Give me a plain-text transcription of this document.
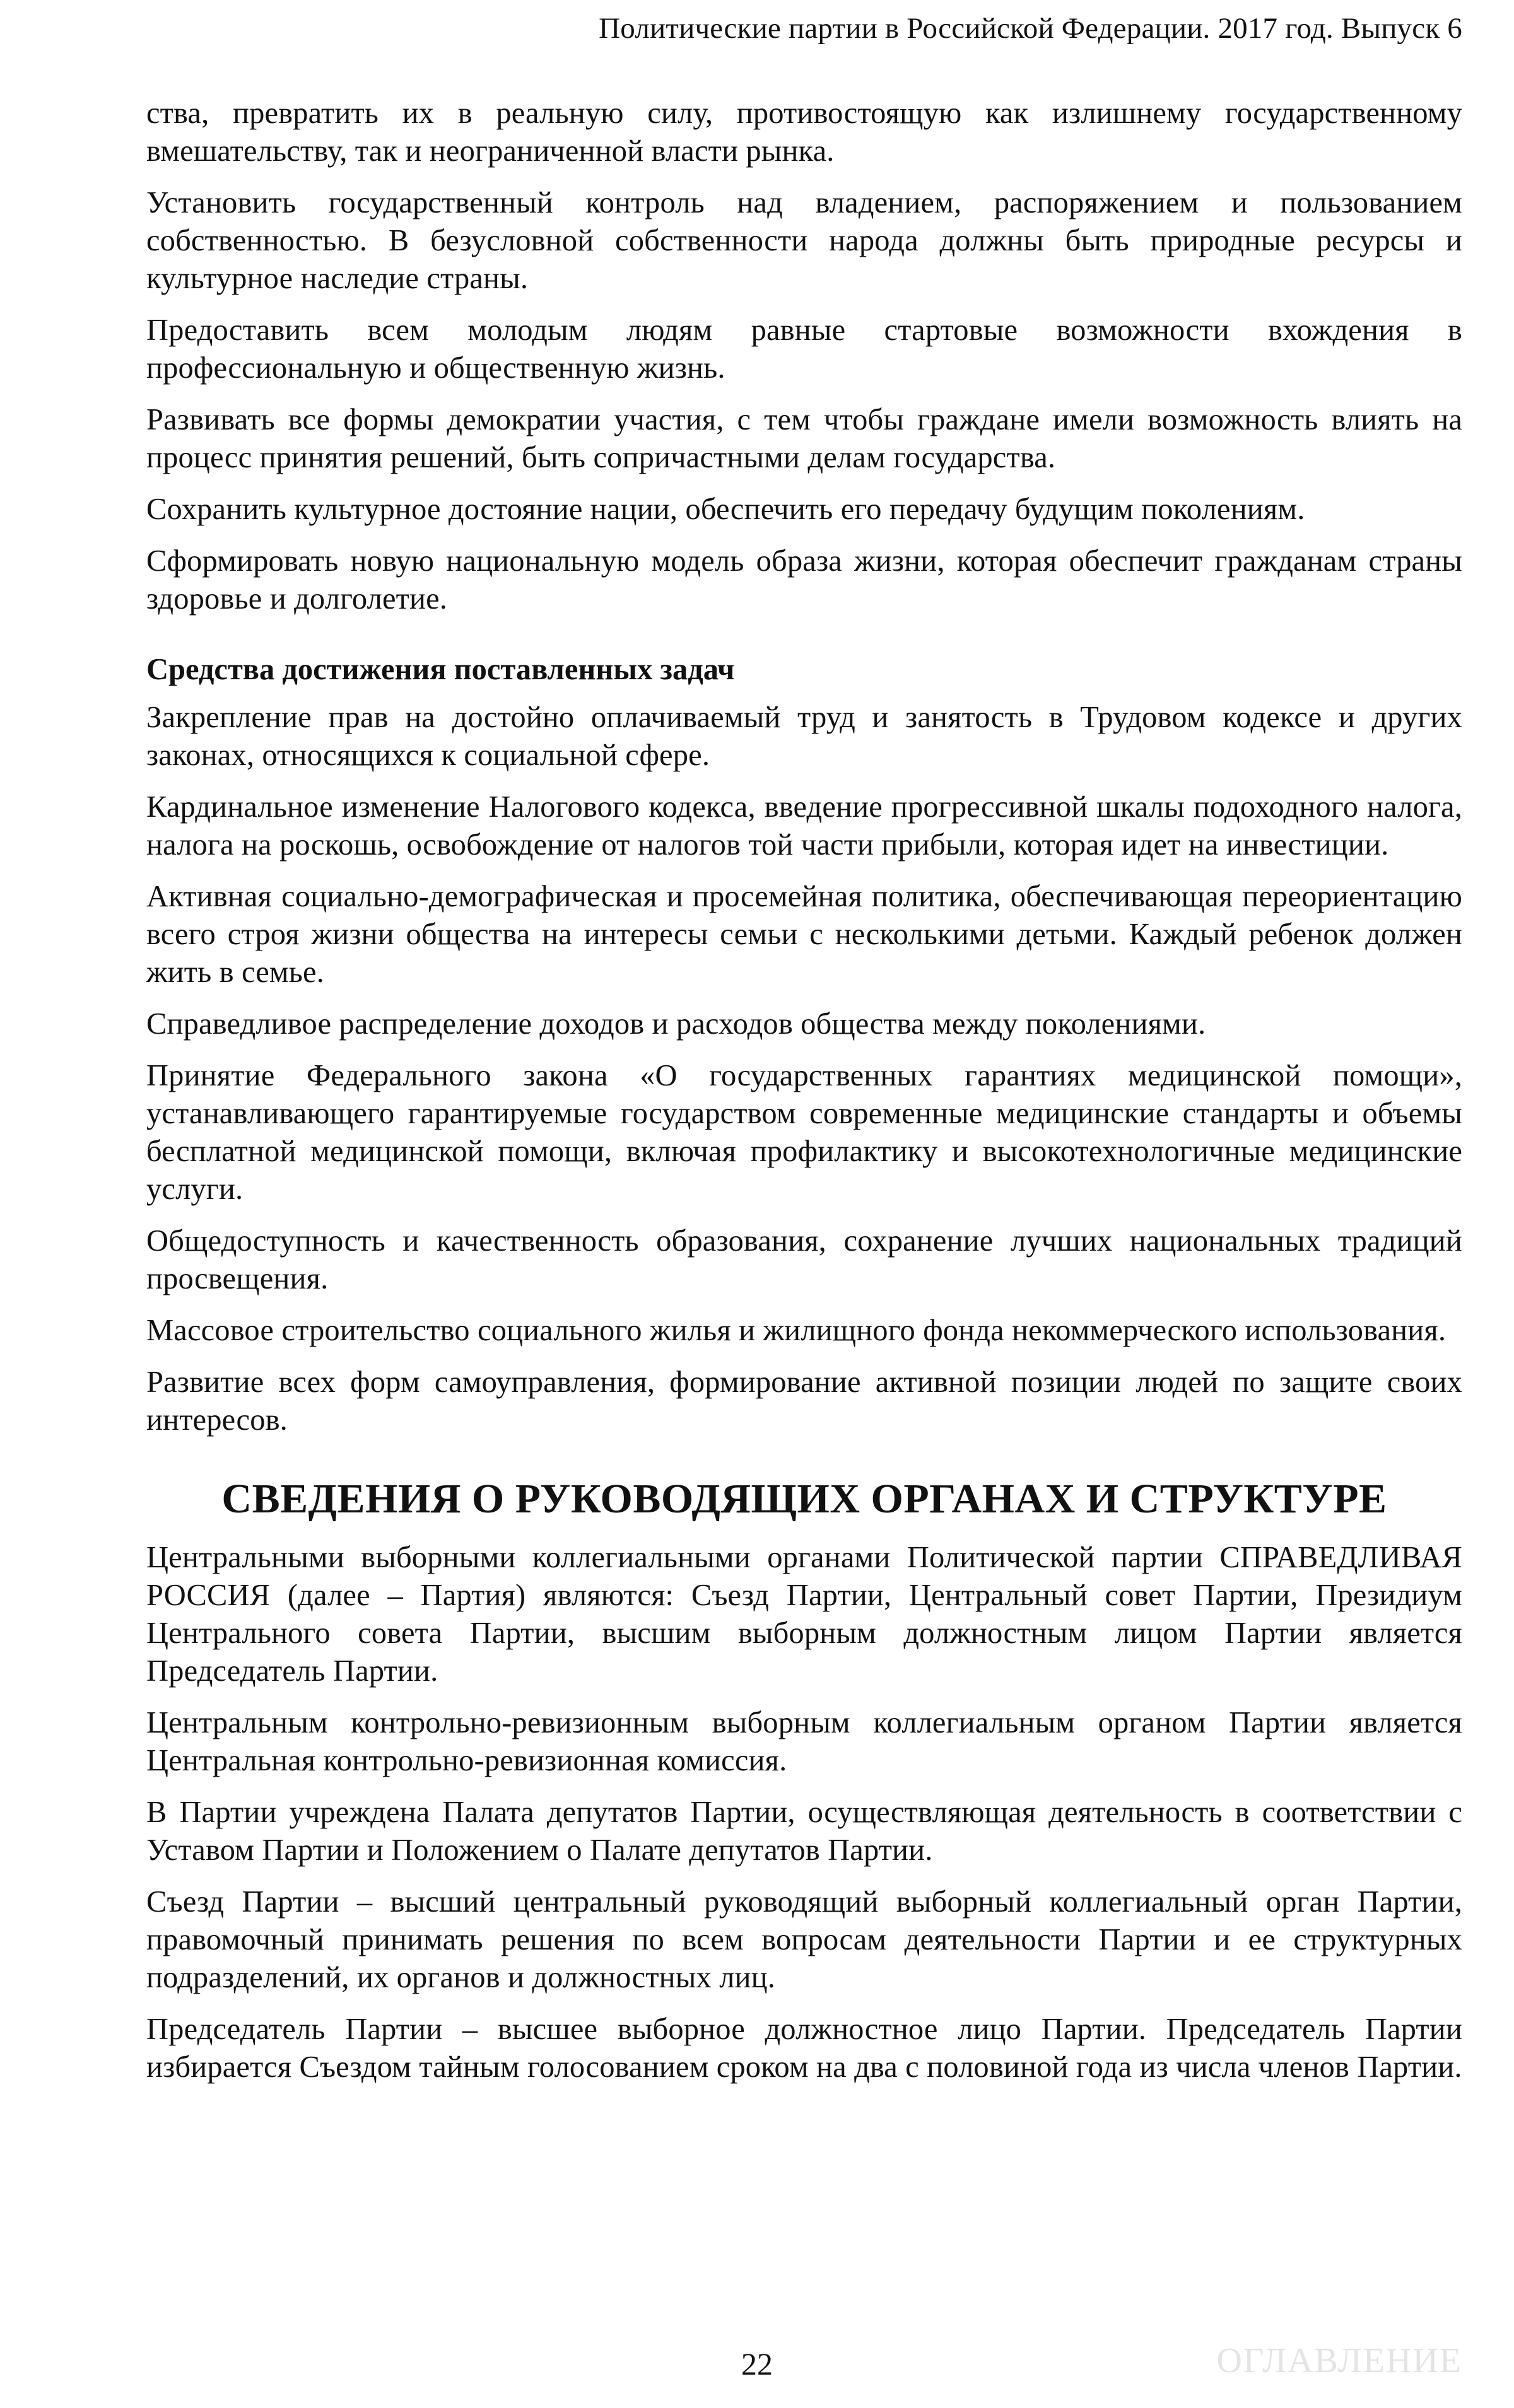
Политические партии в Российской Федерации. 2017 год. Выпуск 6

ства, превратить их в реальную силу, противостоящую как излишнему государственному вмешательству, так и неограниченной власти рынка.

Установить государственный контроль над владением, распоряжением и пользованием собственностью. В безусловной собственности народа должны быть природные ресурсы и культурное наследие страны.

Предоставить всем молодым людям равные стартовые возможности вхождения в профессиональную и общественную жизнь.

Развивать все формы демократии участия, с тем чтобы граждане имели возможность влиять на процесс принятия решений, быть сопричастными делам государства.

Сохранить культурное достояние нации, обеспечить его передачу будущим поколениям.

Сформировать новую национальную модель образа жизни, которая обеспечит гражданам страны здоровье и долголетие.

Средства достижения поставленных задач

Закрепление прав на достойно оплачиваемый труд и занятость в Трудовом кодексе и других законах, относящихся к социальной сфере.

Кардинальное изменение Налогового кодекса, введение прогрессивной шкалы подоходного налога, налога на роскошь, освобождение от налогов той части прибыли, которая идет на инвестиции.

Активная социально-демографическая и просемейная политика, обеспечивающая переориентацию всего строя жизни общества на интересы семьи с несколькими детьми. Каждый ребенок должен жить в семье.

Справедливое распределение доходов и расходов общества между поколениями.

Принятие Федерального закона «О государственных гарантиях медицинской помощи», устанавливающего гарантируемые государством современные медицинские стандарты и объемы бесплатной медицинской помощи, включая профилактику и высокотехнологичные медицинские услуги.

Общедоступность и качественность образования, сохранение лучших национальных традиций просвещения.

Массовое строительство социального жилья и жилищного фонда некоммерческого использования.

Развитие всех форм самоуправления, формирование активной позиции людей по защите своих интересов.

СВЕДЕНИЯ О РУКОВОДЯЩИХ ОРГАНАХ И СТРУКТУРЕ

Центральными выборными коллегиальными органами Политической партии СПРАВЕДЛИВАЯ РОССИЯ (далее – Партия) являются: Съезд Партии, Центральный совет Партии, Президиум Центрального совета Партии, высшим выборным должностным лицом Партии является Председатель Партии.

Центральным контрольно-ревизионным выборным коллегиальным органом Партии является Центральная контрольно-ревизионная комиссия.

В Партии учреждена Палата депутатов Партии, осуществляющая деятельность в соответствии с Уставом Партии и Положением о Палате депутатов Партии.

Съезд Партии – высший центральный руководящий выборный коллегиальный орган Партии, правомочный принимать решения по всем вопросам деятельности Партии и ее структурных подразделений, их органов и должностных лиц.

Председатель Партии – высшее выборное должностное лицо Партии. Председатель Партии избирается Съездом тайным голосованием сроком на два с половиной года из числа членов Партии.

22	ОГЛАВЛЕНИЕ
